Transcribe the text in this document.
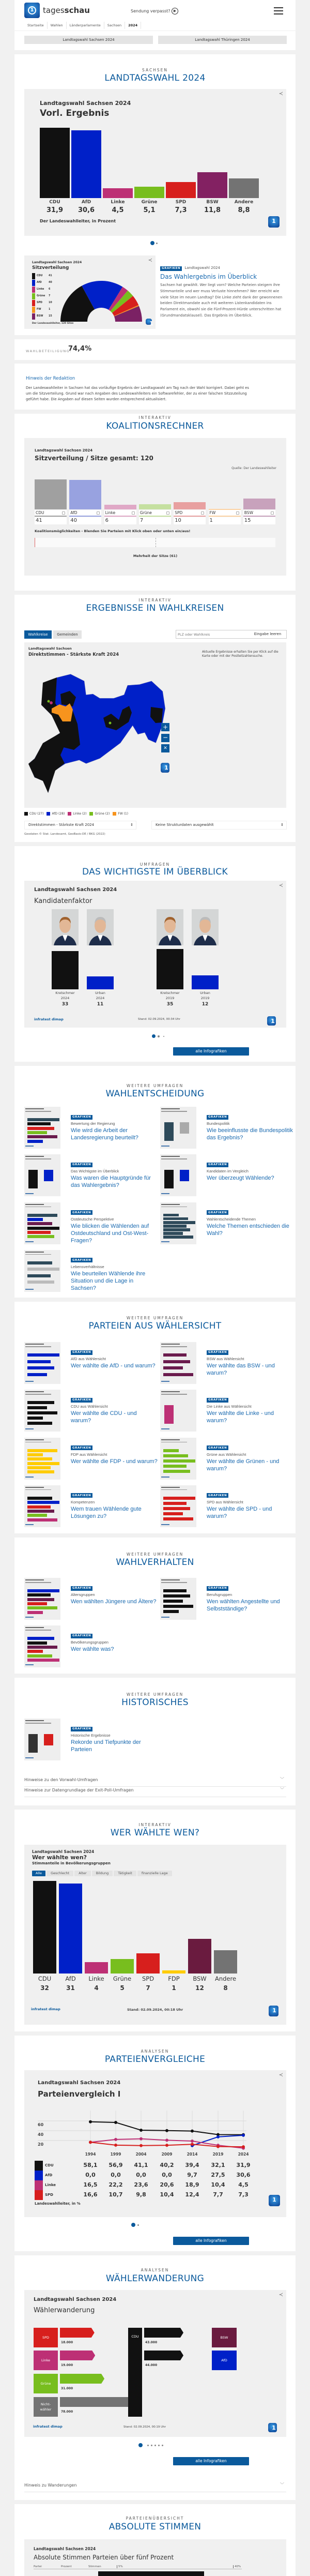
1	tagesschau	Sendung verpasst? ▶
Startseite	Wahlen	Länderparlamente	Sachsen	2024
Landtagswahl Sachsen 2024	Landtagswahl Thüringen 2024
SACHSEN
LANDTAGSWAHL 2024
≺
Landtagswahl Sachsen 2024
Vorl. Ergebnis
Der Landeswahlleiter, in Prozent
1
CDU
31,9
AfD
30,6
Linke
4,5
Grüne
5,1
SPD
7,3
BSW
11,8
Andere
8,8
≺
Landtagswahl Sachsen 2024
Sitzverteilung
Der Landeswahlleiter, 120 Sitze
1
CDU 41
AfD	40
Linke 6
Grüne 7
SPD	10
FW	1
BSW 15
GRAFIKEN Landtagswahl 2024
Das Wahlergebnis im Überblick
Sachsen hat gewählt. Wer liegt vorn? Welche Parteien steigern ihre Stimmanteile und wer muss Verluste hinnehmen? Wer erreicht wie viele Sitze im neuen Landtag? Die Linke zieht dank der gewonnenen beiden Direktmandate auch mit weiteren Listenkandidaten ins Parlament ein, obwohl sie die Fünf-Prozent-Hürde unterschritten hat (Grundmandatsklausel). Das Ergebnis im Überblick.
WAHLBETEILIGUNG:
74,4%
Hinweis der Redaktion
Der Landeswahlleiter in Sachsen hat das vorläufige Ergebnis der Landtagswahl am Tag nach der Wahl korrigiert. Dabei geht es um die Sitzverteilung. Grund war nach Angaben des Landeswahlleiters ein Softwarefehler, der zu einer falschen Sitzzuteilung geführt habe. Die Angaben auf diesen Seiten wurden entsprechend aktualisiert.
INTERAKTIV
KOALITIONSRECHNER
Landtagswahl Sachsen 2024
Sitzverteilung / Sitze gesamt: 120
Quelle: Der Landeswahlleiter
Koalitionsmöglichkeiten - Blenden Sie Parteien mit Klick oben oder unten ein/aus!
Mehrheit der Sitze (61)
CDU
41
AfD
40
Linke
6
Grüne
7
SPD
10
FW
1
BSW
15
INTERAKTIV
ERGEBNISSE IN WAHLKREISEN
Wahlkreise	Gemeinden
PLZ oder Wahlkreis	Eingabe leeren
Landtagswahl Sachsen
Direktstimmen - Stärkste Kraft 2024
Aktuelle Ergebnisse erhalten Sie per Klick auf die Karte oder mit der Postleitzahlensuche.
+
−
✕
1
CDU (27)	AfD (28)	Linke (2)	Grüne (2)	FW (1)
Direktstimmen - Stärkste Kraft 2024	⇕	Keine Strukturdaten ausgewählt	⇕
Geodaten © Stat. Landesamt, GeoBasis-DE / BKG (2022)
UMFRAGEN
DAS WICHTIGSTE IM ÜBERBLICK
≺
Landtagswahl Sachsen 2024
Kandidatenfaktor
infratest dimap	Stand: 02.09.2024, 00:34 Uhr
1
Kretschmer
2024
33
Urban
2024
11
Kretschmer
2019
35
Urban
2019
12
alle Infografiken
WEITERE UMFRAGEN
WAHLENTSCHEIDUNG
GRAFIKEN
Bewertung der Regierung
Wie wird die Arbeit der Landesregierung beurteilt?
GRAFIKEN
Bundespolitik
Wie beeinflusste die Bundespolitik das Ergebnis?
GRAFIKEN
Das Wichtigste im Überblick
Was waren die Hauptgründe für das Wahlergebnis?
GRAFIKEN
Kandidaten im Vergleich
Wer überzeugt Wählende?
GRAFIKEN
Ostdeutsche Perspektive
Wie blicken die Wählenden auf Ostdeutschland und Ost-West-Fragen?
GRAFIKEN
Wahlentscheidende Themen
Welche Themen entschieden die Wahl?
GRAFIKEN
Lebensverhältnisse
Wie beurteilen Wählende ihre Situation und die Lage in Sachsen?
WEITERE UMFRAGEN
PARTEIEN AUS WÄHLERSICHT
GRAFIKEN
AfD aus Wählersicht
Wer wählte die AfD - und warum?
GRAFIKEN
BSW aus Wählersicht
Wer wählte das BSW - und warum?
GRAFIKEN
CDU aus Wählersicht
Wer wählte die CDU - und warum?
GRAFIKEN
Die Linke aus Wählersicht
Wer wählte die Linke - und warum?
GRAFIKEN
FDP aus Wählersicht
Wer wählte die FDP - und warum?
GRAFIKEN
Grüne aus Wählersicht
Wer wählte die Grünen - und warum?
GRAFIKEN
Kompetenzen
Wem trauen Wählende gute Lösungen zu?
GRAFIKEN
SPD aus Wählersicht
Wer wählte die SPD - und warum?
WEITERE UMFRAGEN
WAHLVERHALTEN
GRAFIKEN
Altersgruppen
Wen wählten Jüngere und Ältere?
GRAFIKEN
Berufsgruppen
Wen wählten Angestellte und Selbstständige?
GRAFIKEN
Bevölkerungsgruppen
Wer wählte was?
WEITERE UMFRAGEN
HISTORISCHES
Hinweise zu den Vorwahl-Umfragen	﹀
Hinweise zur Datengrundlage der Exit-Poll-Umfragen	﹀
GRAFIKEN
Historische Ergebnisse
Rekorde und Tiefpunkte der Parteien
INTERAKTIV
WER WÄHLTE WEN?
Landtagswahl Sachsen 2024
Wer wählte wen?
Stimmanteile in Bevölkerungsgruppen
Alle	Geschlecht	Alter	Bildung	Tätigkeit	finanzielle Lage
infratest dimap	Stand: 02.09.2024, 00:18 Uhr
1
CDU
32
AfD
31
Linke
4
Grüne
5
SPD
7
FDP
1
BSW
12
Andere
8
ANALYSEN
PARTEIENVERGLEICHE
≺
Landtagswahl Sachsen 2024
Parteienvergleich I
20
40
60
Landeswahlleiter, in %
1
1994	1999	2004	2009	2014	2019	2024
CDU	58,1	56,9	41,1	40,2	39,4	32,1	31,9
AfD	0,0	0,0	0,0	0,0	9,7	27,5	30,6
Linke	16,5	22,2	23,6	20,6	18,9	10,4	4,5
SPD	16,6	10,7	9,8	10,4	12,4	7,7	7,3
alle Infografiken
ANALYSEN
WÄHLERWANDERUNG
≺
Landtagswahl Sachsen 2024
Wählerwanderung
infratest dimap	Stand: 02.09.2024, 00:19 Uhr
1
SPD
18.000
Linke
19.000
Grüne
31.000
Nicht-wähler
78.000
CDU
43.000
BSW
44.000
AfD
alle Infografiken
Hinweis zu Wanderungen	﹀
PARTEIENÜBERSICHT
ABSOLUTE STIMMEN
Landtagswahl Sachsen 2024
Absolute Stimmen Parteien über fünf Prozent
Partei	Prozent	Stimmen	5%	40%
